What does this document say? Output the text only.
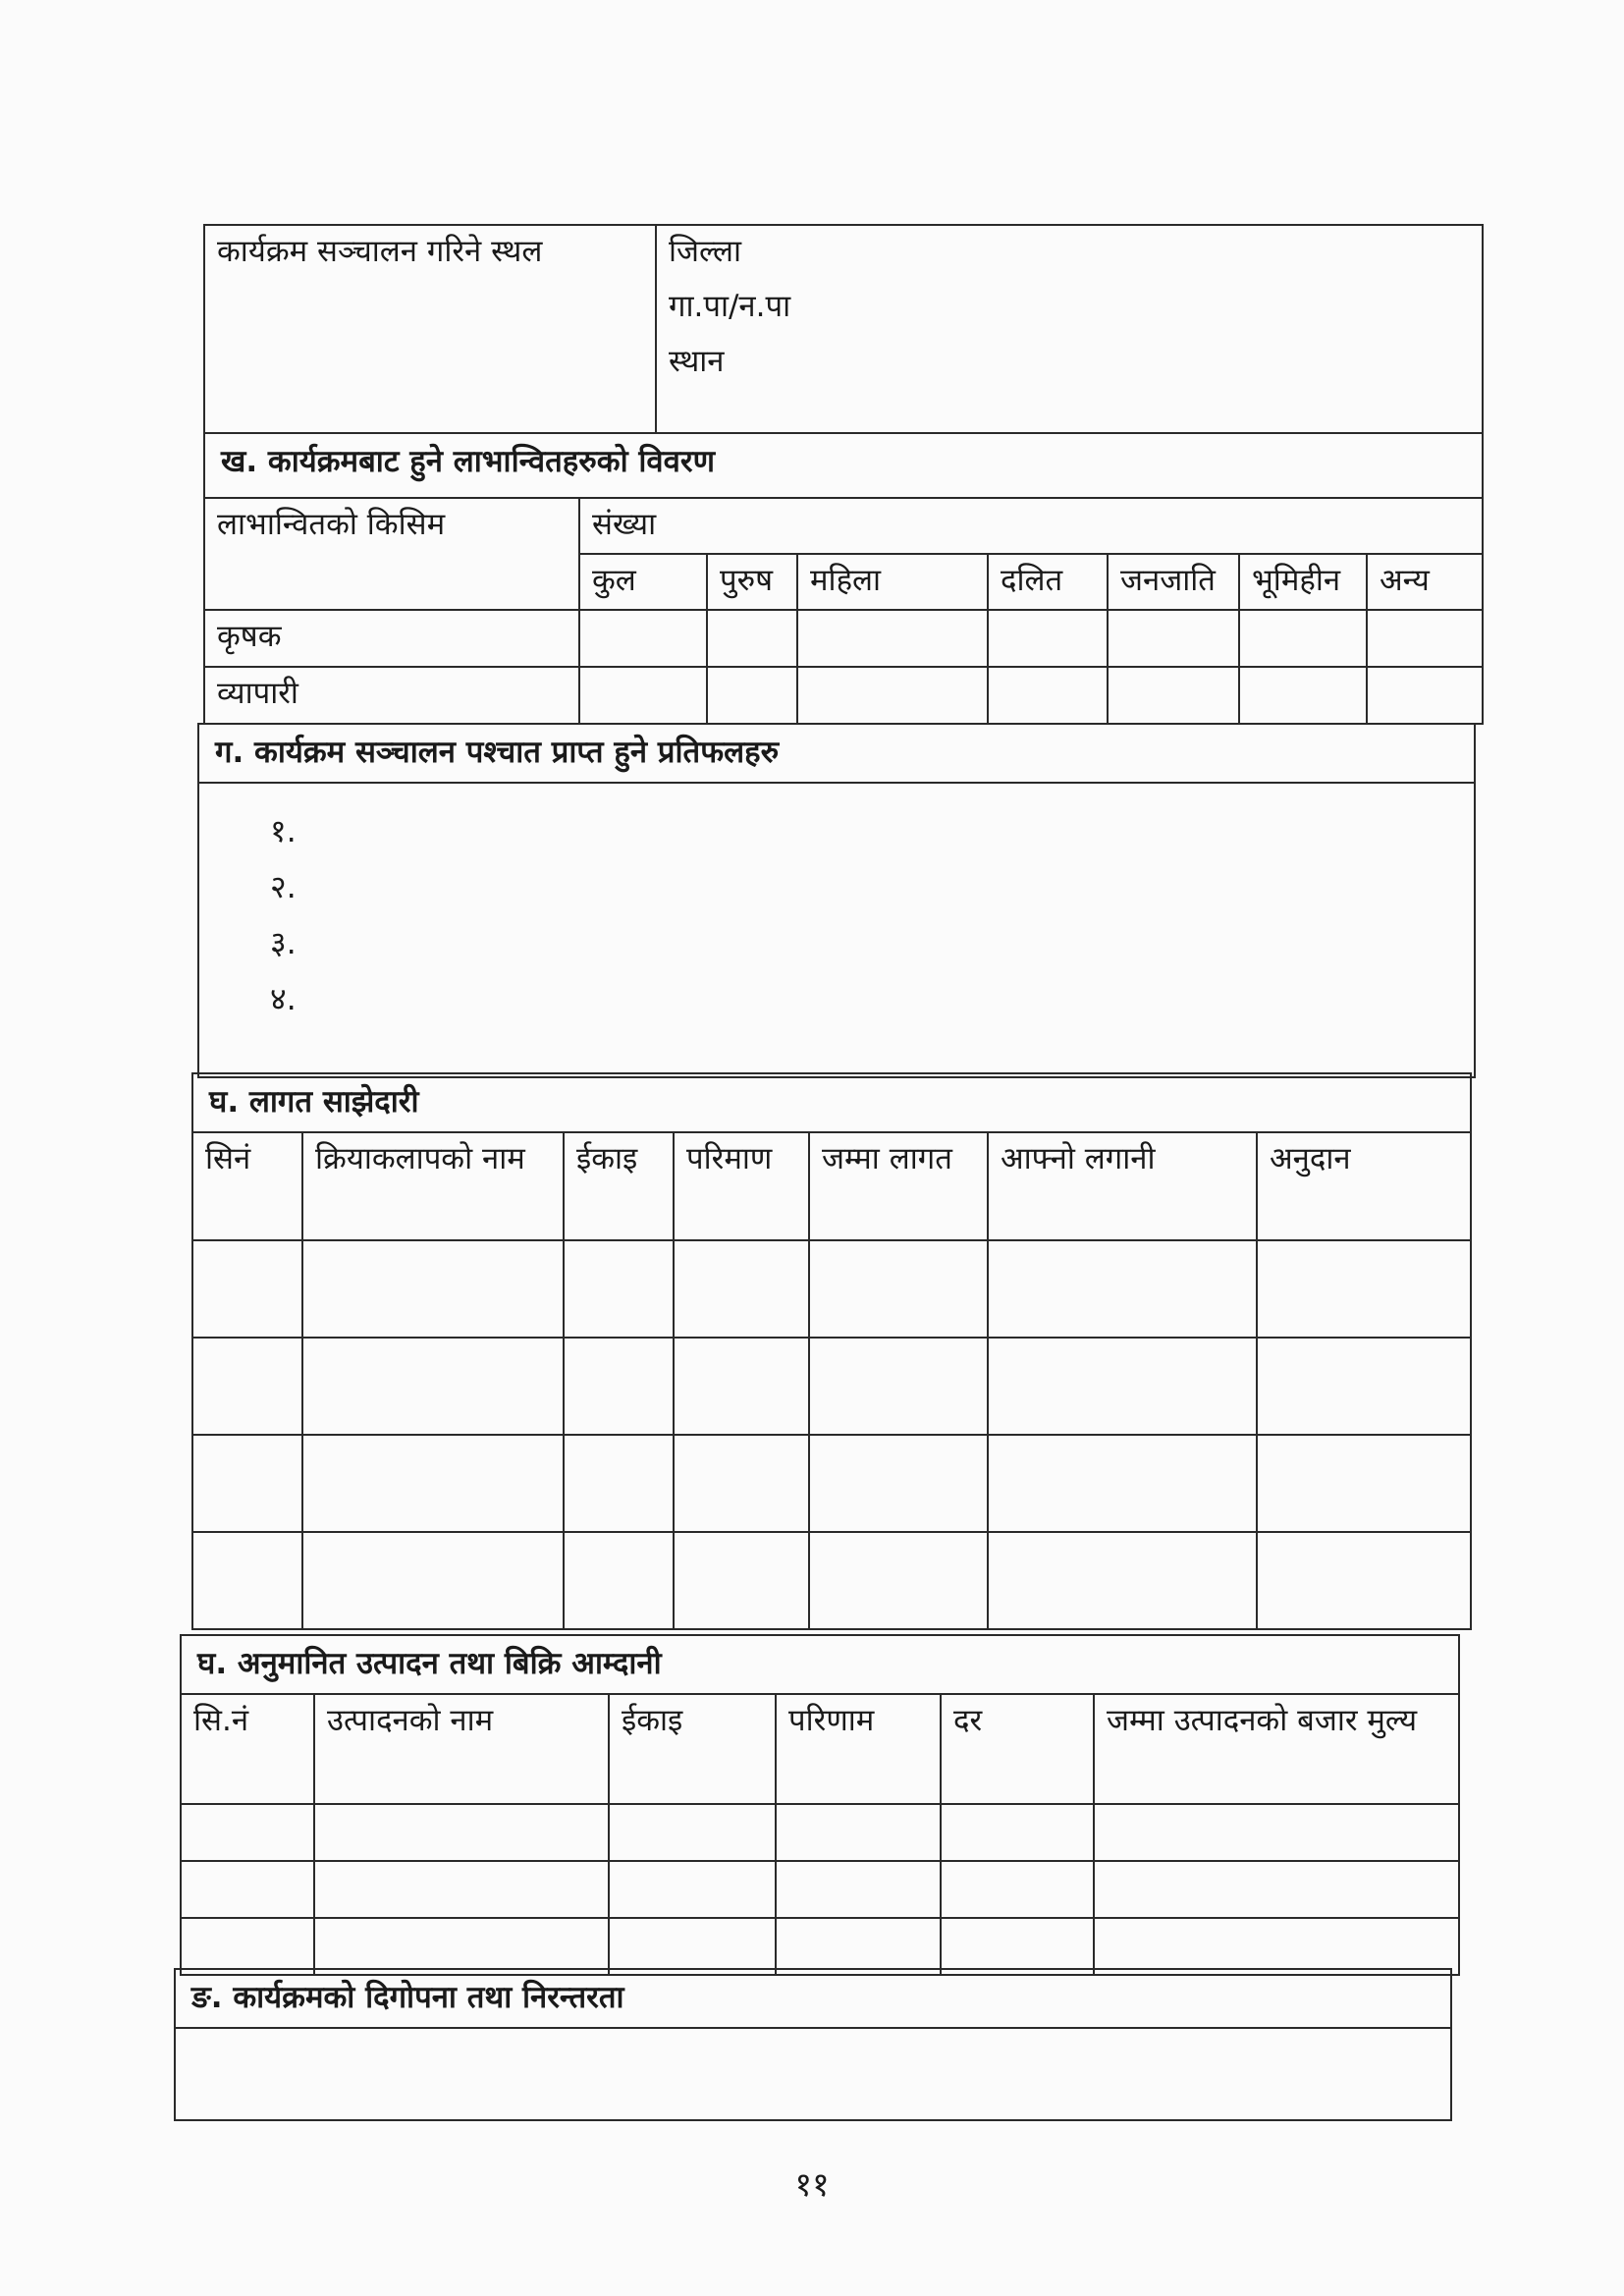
कार्यक्रम सञ्चालन गरिने स्थल	जिल्ला
गा.पा/न.पा
स्थान
ख. कार्यक्रमबाट हुने लाभान्वितहरुको विवरण							
लाभान्वितको किसिम	संख्या						
	कुल	पुरुष	महिला	दलित	जनजाति	भूमिहीन	अन्य
कृषक							
व्यापारी							
ग. कार्यक्रम सञ्चालन पश्चात प्राप्त हुने प्रतिफलहरु

१.
२.
३.
४.
घ. लागत साझेदारी						
सिनं	क्रियाकलापको नाम	ईकाइ	परिमाण	जम्मा लागत	आफ्नो लगानी	अनुदान

घ. अनुमानित उत्पादन तथा बिक्रि आम्दानी					
सि.नं	उत्पादनको नाम	ईकाइ	परिणाम	दर	जम्मा उत्पादनको बजार मुल्य

ङ. कार्यक्रमको दिगोपना तथा निरन्तरता

११
